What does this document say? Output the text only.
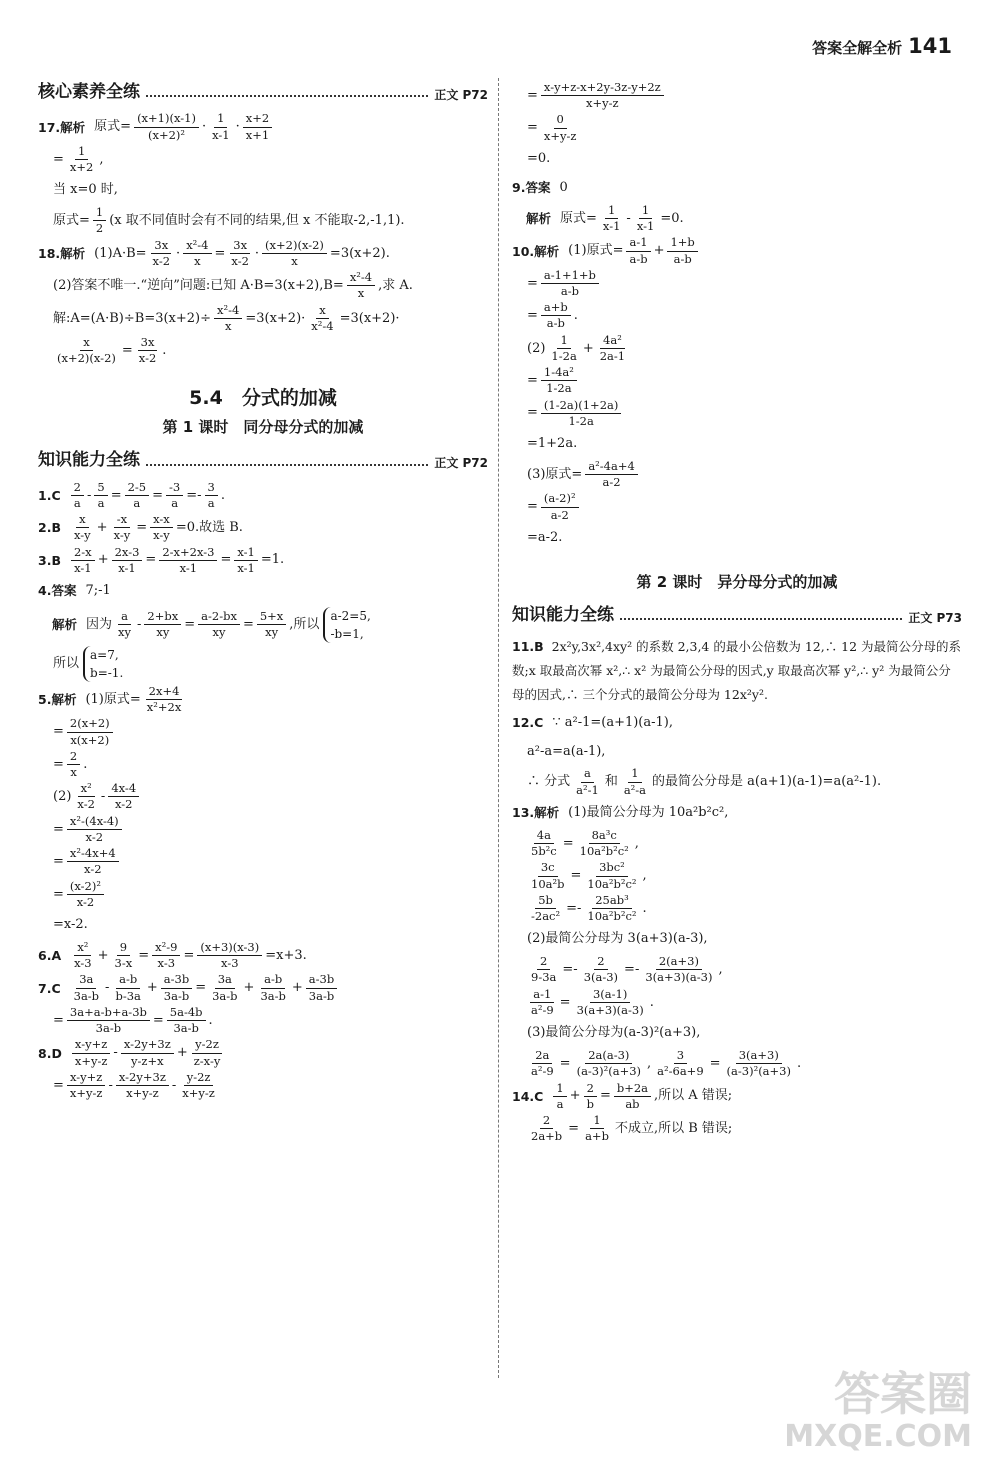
答案全解全析 141
核心素养全练	正文 P72
17.解析 原式= $\frac{(x+1)(x-1)}{\text{(x+2)²}} \cdot \frac{1}{x-1} \cdot \frac{x+2}{x+1}$
= $\frac{1}{x+2}$ ,
当 x=0 时,
原式= $\frac{1}{2} (x$ 取不同值时会有不同的结果,但 x 不能取-2,-1,1).
18.解析 $(1)A\cdot B= \frac{3x}{x-2} \cdot \frac{\text{x²-4}}{x} = \frac{3x}{x-2} \cdot \frac{(x+2)(x-2)}{x} =3(x+2)$.
(2)答案不唯一.“逆向”问题:已知 $A\cdot B=3(x+2),B= \frac{\text{x²-4}}{x}$ ,求 A.
解:A=(A·B)÷B=3(x+2)÷ $\frac{\text{x²-4}}{x} =3(x+2)\cdot \frac{x}{\text{x²-4}} =3(x+2)\cdot$
$\frac{x}{(x+2)(x-2)} = \frac{3x}{x-2}$ .
5.4　分式的加减
第 1 课时　同分母分式的加减
知识能力全练	正文 P72
$1.C \frac{2}{a} - \frac{5}{a} = \frac{2-5}{a} = \frac{-3}{a} =- \frac{3}{a}$ .
$2.B \frac{x}{x-y} + \frac{-x}{x-y} = \frac{x-x}{x-y} =0$.故选 B.
$3.B \frac{2-x}{x-1} + \frac{2x-3}{x-1} = \frac{2-x+2x-3}{x-1} = \frac{x-1}{x-1} =1$.
4.答案 7;-1
解析 因为 $\frac{a}{xy} - \frac{2+bx}{xy} = \frac{a-2-bx}{xy} = \frac{5+x}{xy}$ ,所以
a-2=5,
-b=1,
所以
a=7,
b=-1.
5.解析 (1)原式= $\frac{2x+4}{\text{x²+2x}}$
= $\frac{2(x+2)}{x(x+2)}$
= $\frac{2}{x}$ .
$(2) \frac{\text{x²}}{x-2} - \frac{4x-4}{x-2}$
= $\frac{\text{x²-(4x-4)}}{x-2}$
= $\frac{\text{x²-4x+4}}{x-2}$
= $\frac{\text{(x-2)²}}{x-2}$
=x-2.
$6.A \frac{\text{x²}}{x-3} + \frac{9}{3-x} = \frac{\text{x²-9}}{x-3} = \frac{(x+3)(x-3)}{x-3} =x+3$.
$7.C \frac{3a}{3a-b} - \frac{a-b}{b-3a} + \frac{a-3b}{3a-b} = \frac{3a}{3a-b} + \frac{a-b}{3a-b} + \frac{a-3b}{3a-b}$
= $\frac{3a+a-b+a-3b}{3a-b} = \frac{5a-4b}{3a-b}$ .
$8.D \frac{x-y+z}{x+y-z} - \frac{x-2y+3z}{y-z+x} + \frac{y-2z}{z-x-y}$
= $\frac{x-y+z}{x+y-z} - \frac{x-2y+3z}{x+y-z} - \frac{y-2z}{x+y-z}$
= $\frac{x-y+z-x+2y-3z-y+2z}{x+y-z}$
= $\frac{0}{x+y-z}$
=0.
9.答案 0
解析 原式= $\frac{1}{x-1} - \frac{1}{x-1} =0$.
10.解析 (1)原式= $\frac{a-1}{a-b} + \frac{1+b}{a-b}$
= $\frac{a-1+1+b}{a-b}$
= $\frac{a+b}{a-b}$ .
$(2) \frac{1}{1-2a} + \frac{\text{4a²}}{2a-1}$
= $\frac{\text{1-4a²}}{1-2a}$
= $\frac{(1-2a)(1+2a)}{1-2a}$
=1+2a.
(3)原式= $\frac{\text{a²-4a+4}}{a-2}$
= $\frac{\text{(a-2)²}}{a-2}$
=a-2.
第 2 课时　异分母分式的加减
知识能力全练	正文 P73
11.B 2x²y,3x²,4xy² 的系数 2,3,4 的最小公倍数为 12,∴ 12 为最简公分母的系数;x 取最高次幂 x²,∴ x² 为最简公分母的因式,y 取最高次幂 y²,∴ y² 为最简公分母的因式,∴ 三个分式的最简公分母为 12x²y².
12.C ∵ a²-1=(a+1)(a-1),
a²-a=a(a-1),
∴ 分式 $\frac{a}{\text{a²-1}}$ 和 $\frac{1}{\text{a²-a}}$ 的最简公分母是 a(a+1)(a-1)=a(a²-1).
13.解析 (1)最简公分母为 10a²b²c²,
$\frac{4a}{\text{5b²c}} = \frac{\text{8a³c}}{\text{10a²b²c²}}$ ,
$\frac{3c}{\text{10a²b}} = \frac{\text{3bc²}}{\text{10a²b²c²}}$ ,
$\frac{5b}{\text{-2ac²}} =- \frac{\text{25ab³}}{\text{10a²b²c²}}$ .
(2)最简公分母为 3(a+3)(a-3),
$\frac{2}{9-3a} =- \frac{2}{3(a-3)} =- \frac{2(a+3)}{3(a+3)(a-3)}$ ,
$\frac{a-1}{\text{a²-9}} = \frac{3(a-1)}{3(a+3)(a-3)}$ .
(3)最简公分母为(a-3)²(a+3),
$\frac{2a}{\text{a²-9}} = \frac{2a(a-3)}{\text{(a-3)²(a+3)}}$ , $\frac{3}{\text{a²-6a+9}} = \frac{3(a+3)}{\text{(a-3)²(a+3)}}$ .
$14.C \frac{1}{a} + \frac{2}{b} = \frac{b+2a}{ab}$ ,所以 A 错误;
$\frac{2}{2a+b} = \frac{1}{a+b}$ 不成立,所以 B 错误;
答案圈
MXQE.COM
